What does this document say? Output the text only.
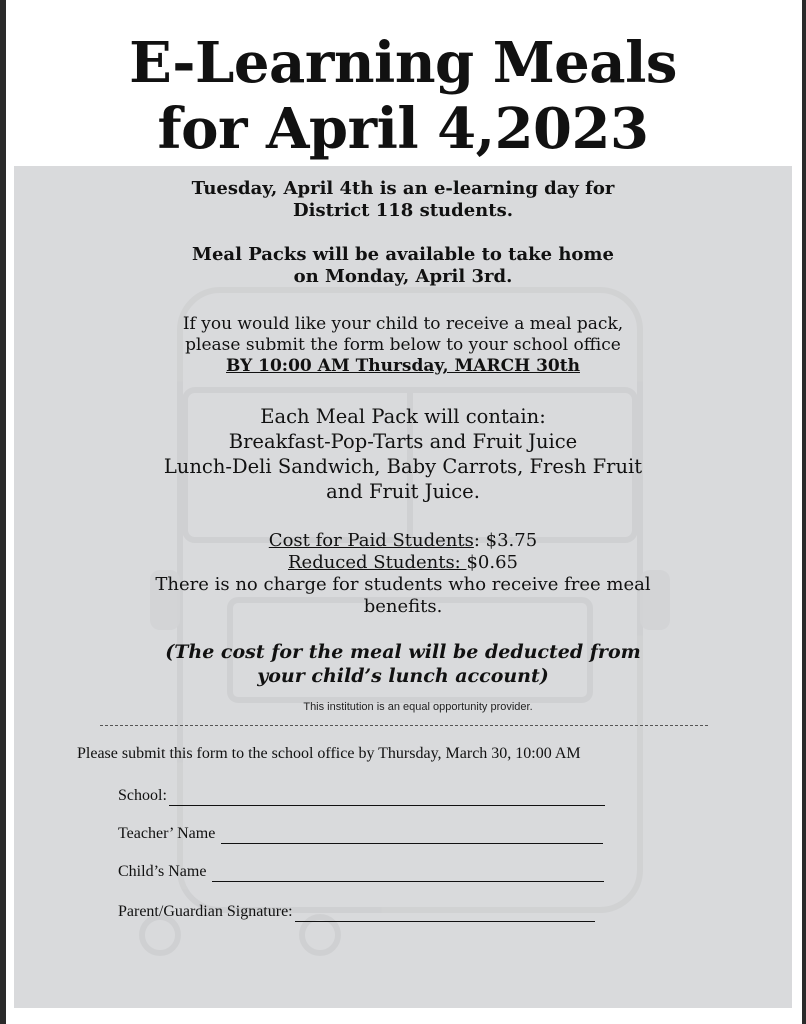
E-Learning Meals
for April 4,2023
Tuesday, April 4th is an e-learning day for
District 118 students.
Meal Packs will be available to take home
on Monday, April 3rd.
If you would like your child to receive a meal pack,
please submit the form below to your school office
BY 10:00 AM Thursday, MARCH 30th
Each Meal Pack will contain:
Breakfast-Pop-Tarts and Fruit Juice
Lunch-Deli Sandwich, Baby Carrots, Fresh Fruit
and Fruit Juice.
Cost for Paid Students: $3.75
Reduced Students: $0.65
There is no charge for students who receive free meal
benefits.
(The cost for the meal will be deducted from
your child’s lunch account)
This institution is an equal opportunity provider.
Please submit this form to the school office by Thursday, March 30, 10:00 AM
School:
Teacher’ Name
Child’s Name
Parent/Guardian Signature:
